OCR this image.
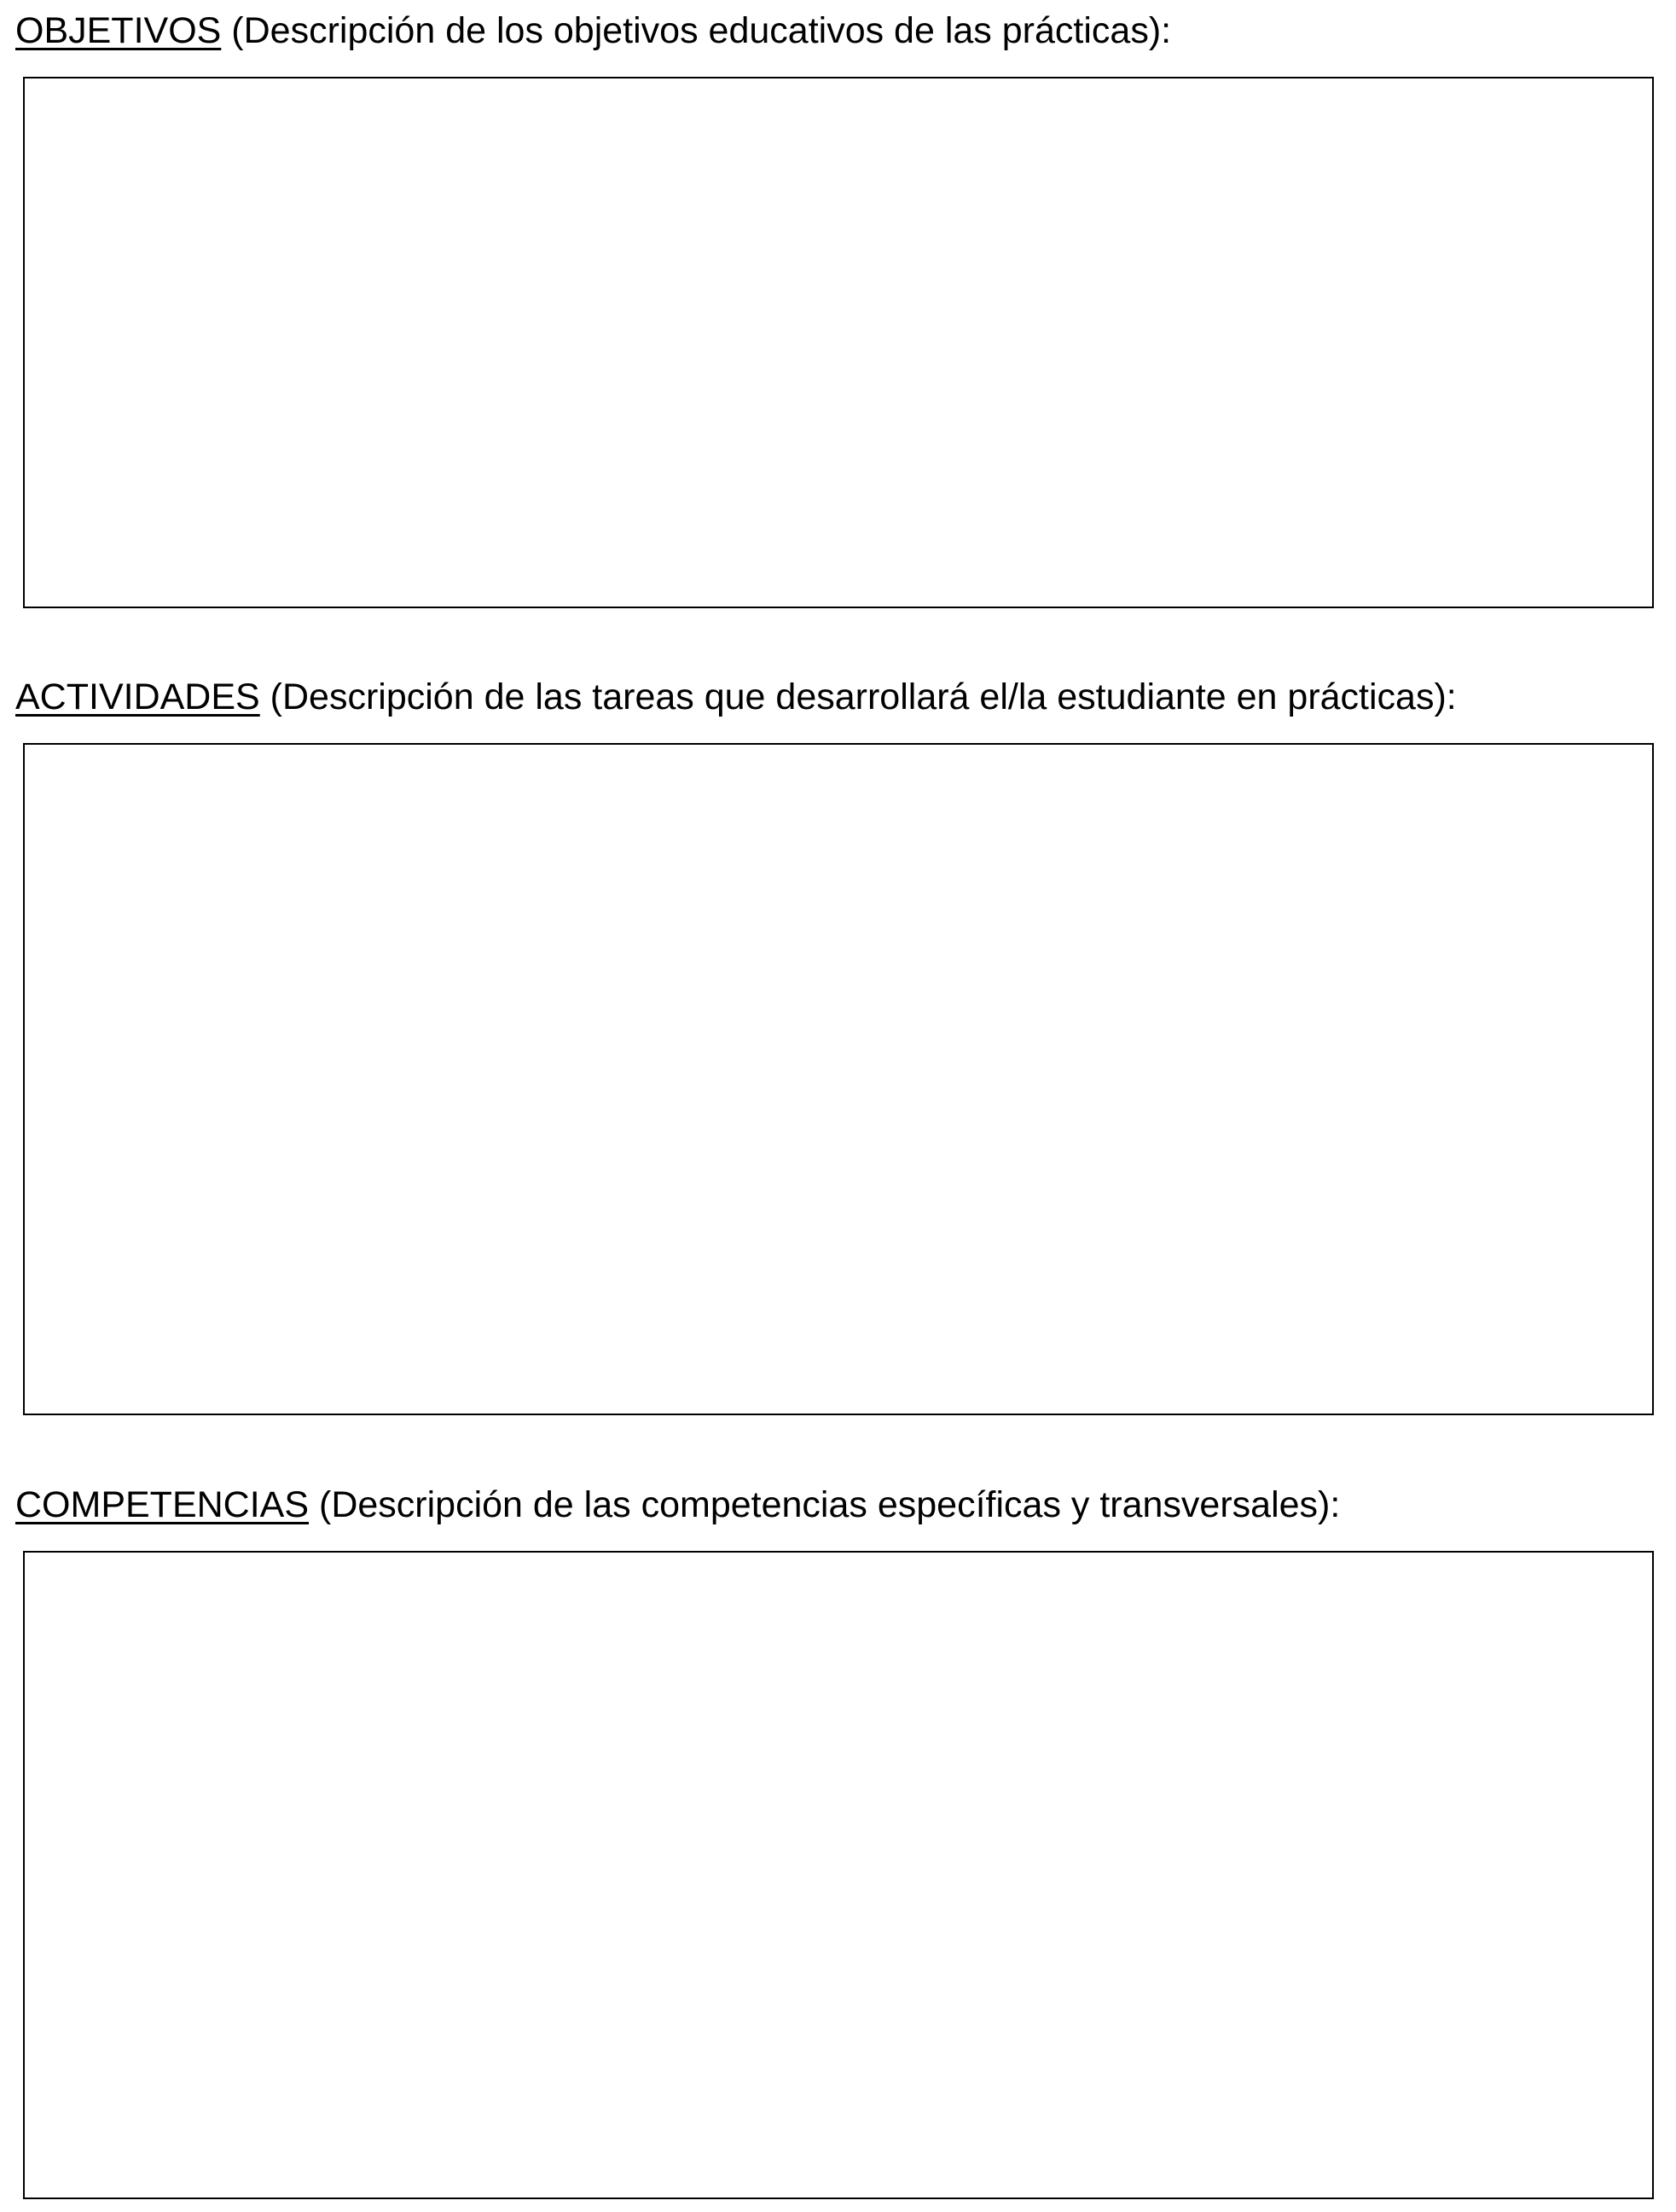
OBJETIVOS (Descripción de los objetivos educativos de las prácticas):

ACTIVIDADES (Descripción de las tareas que desarrollará el/la estudiante en prácticas):

COMPETENCIAS (Descripción de las competencias específicas y transversales):
